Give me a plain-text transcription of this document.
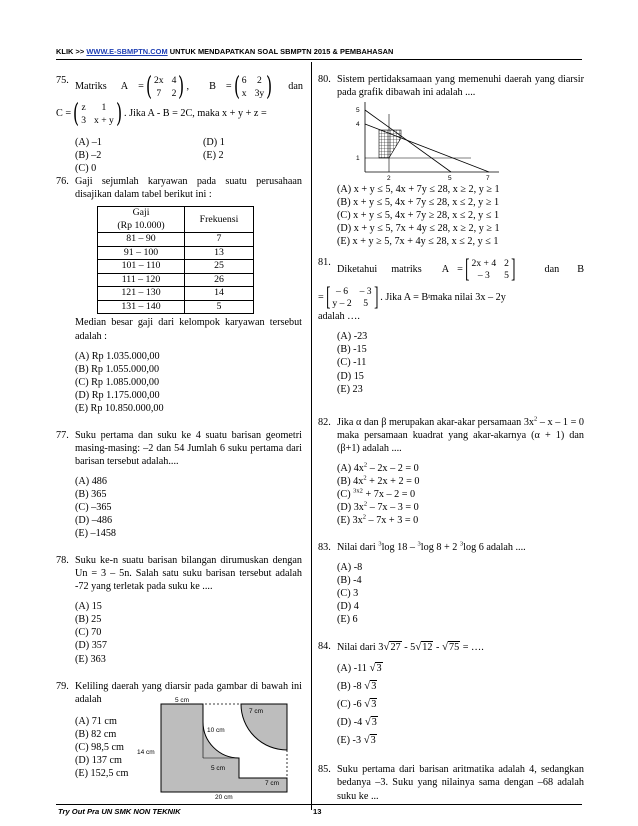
KLIK >> WWW.E-SBMPTN.COM UNTUK MENDAPATKAN SOAL SBMPTN 2015 & PEMBAHASAN
75.
Matriks A = ( 2x 4
7 2 ) , B = ( 6 2
x 3y ) dan
C = ( z	1
3 x + y ) . Jika A - B = 2C, maka x + y + z =
(A) –1	(D) 1
(B) –2	(E) 2
(C) 0
76. Gaji sejumlah karyawan pada suatu perusahaan disajikan dalam tabel berikut ini :
Gaji
(Rp 10.000)	Frekuensi
81 – 90	7
91 – 100	13
101 – 110	25
111 – 120	26
121 – 130	14
131 – 140	5
Median besar gaji dari kelompok karyawan tersebut adalah :
(A) Rp 1.035.000,00
(B) Rp 1.055.000,00
(C) Rp 1.085.000,00
(D) Rp 1.175.000,00
(E) Rp 10.850.000,00
77. Suku pertama dan suku ke 4 suatu barisan geometri masing-masing: –2 dan 54 Jumlah 6 suku pertama dari barisan tersebut adalah....
(A) 486
(B) 365
(C) –365
(D) –486
(E) –1458
78. Suku ke-n suatu barisan bilangan dirumuskan dengan Un = 3 – 5n. Salah satu suku barisan tersebut adalah -72 yang terletak pada suku ke ....
(A) 15
(B) 25
(C) 70
(D) 357
(E) 363
79. Keliling daerah yang diarsir pada gambar di bawah ini adalah
(A) 71 cm
(B) 82 cm
(C) 98,5 cm
(D) 137 cm
(E) 152,5 cm
5 cm
7 cm
10 cm
14 cm
5 cm
20 cm
7 cm
80. Sistem pertidaksamaan yang memenuhi daerah yang diarsir pada grafik dibawah ini adalah ....
5
4
1
2	5	7
(A) x + y ≤ 5, 4x + 7y ≤ 28, x ≥ 2, y ≥ 1
(B) x + y ≤ 5, 4x + 7y ≤ 28, x ≤ 2, y ≥ 1
(C) x + y ≤ 5, 4x + 7y ≥ 28, x ≤ 2, y ≤ 1
(D) x + y ≤ 5, 7x + 4y ≤ 28, x ≥ 2, y ≥ 1
(E) x + y ≥ 5, 7x + 4y ≤ 28, x ≤ 2, y ≤ 1
81.
Diketahui matriks A = [ 2x + 4 2
– 3	5 ]	dan B
= [ – 6	– 3
y – 2	5 ] . Jika A = B t maka nilai 3x – 2y
adalah ….
(A) -23
(B) -15
(C) -11
(D) 15
(E) 23
82. Jika α dan β merupakan akar-akar persamaan $3x^2 - x - 1 = 0$ maka persamaan kuadrat yang akar-akarnya (α + 1) dan (β+1) adalah ....
(A) $4x^2 - 2x - 2 = 0$
(B) $4x^2 + 2x + 2 = 0$
(C) $^{3x2}$ + 7x – 2 = 0
(D) $3x^2 - 7x - 3 = 0$
(E) $3x^2 - 7x + 3 = 0$
83. Nilai dari $^3$log 18 – $^3$log 8 + 2 $^3$log 6 adalah ....
(A) -8
(B) -4
(C) 3
(D) 4
(E) 6
84. Nilai dari 3√27 - 5√12 - √75 = ….
(A) -11 √3
(B) -8 √3
(C) -6 √3
(D) -4 √3
(E) -3 √3
85. Suku pertama dari barisan aritmatika adalah 4, sedangkan bedanya –3. Suku yang nilainya sama dengan –68 adalah suku ke ...
Try Out Pra UN SMK NON TEKNIK	13
